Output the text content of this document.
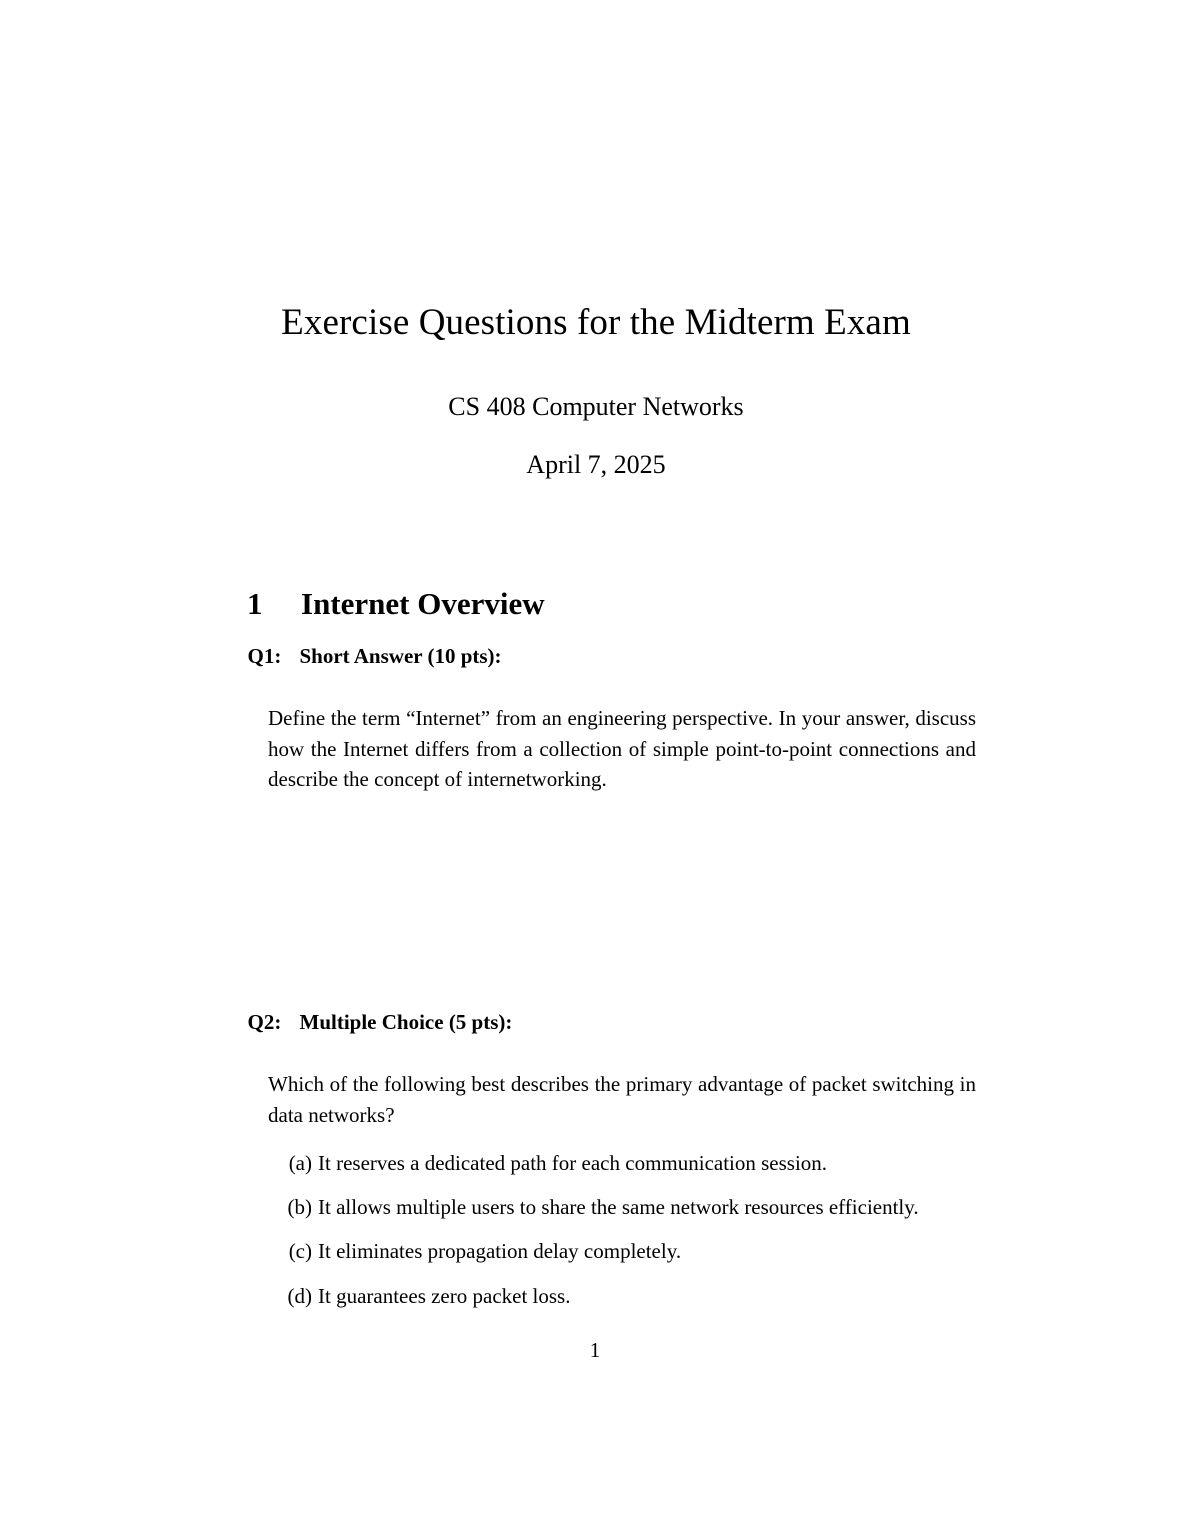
Exercise Questions for the Midterm Exam
CS 408 Computer Networks
April 7, 2025

1 Internet Overview

Q1: Short Answer (10 pts):

Define the term “Internet” from an engineering perspective. In your answer, discuss how the Internet differs from a collection of simple point-to-point connections and describe the concept of internetworking.

Q2: Multiple Choice (5 pts):

Which of the following best describes the primary advantage of packet switching in data networks?
(a) It reserves a dedicated path for each communication session.
(b) It allows multiple users to share the same network resources efficiently.
(c) It eliminates propagation delay completely.
(d) It guarantees zero packet loss.
1
